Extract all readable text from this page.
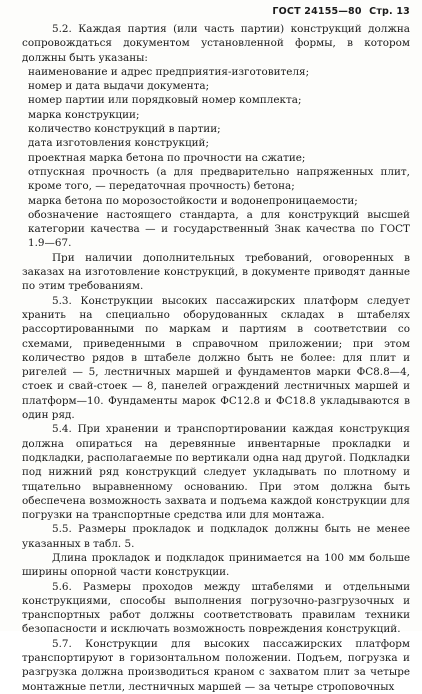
ГОСТ 24155—80 Стр. 13

5.2. Каждая партия (или часть партии) конструкций должна сопровождаться документом установленной формы, в котором должны быть указаны:

наименование и адрес предприятия-изготовителя;
номер и дата выдачи документа;
номер партии или порядковый номер комплекта;
марка конструкции;
количество конструкций в партии;
дата изготовления конструкций;
проектная марка бетона по прочности на сжатие;
отпускная прочность (а для предварительно напряженных плит, кроме того, — передаточная прочность) бетона;
марка бетона по морозостойкости и водонепроницаемости;
обозначение настоящего стандарта, а для конструкций высшей категории качества — и государственный Знак качества по ГОСТ 1.9—67.

При наличии дополнительных требований, оговоренных в заказах на изготовление конструкций, в документе приводят данные по этим требованиям.

5.3. Конструкции высоких пассажирских платформ следует хранить на специально оборудованных складах в штабелях рассортированными по маркам и партиям в соответствии со схемами, приведенными в справочном приложении; при этом количество рядов в штабеле должно быть не более: для плит и ригелей — 5, лестничных маршей и фундаментов марки ФС8.8—4, стоек и свай-стоек — 8, панелей ограждений лестничных маршей и платформ—10. Фундаменты марок ФС12.8 и ФС18.8 укладываются в один ряд.

5.4. При хранении и транспортировании каждая конструкция должна опираться на деревянные инвентарные прокладки и подкладки, располагаемые по вертикали одна над другой. Подкладки под нижний ряд конструкций следует укладывать по плотному и тщательно выравненному основанию. При этом должна быть обеспечена возможность захвата и подъема каждой конструкции для погрузки на транспортные средства или для монтажа.

5.5. Размеры прокладок и подкладок должны быть не менее указанных в табл. 5.

Длина прокладок и подкладок принимается на 100 мм больше ширины опорной части конструкции.

5.6. Размеры проходов между штабелями и отдельными конструкциями, способы выполнения погрузочно-разгрузочных и транспортных работ должны соответствовать правилам техники безопасности и исключать возможность повреждения конструкций.

5.7. Конструкции для высоких пассажирских платформ транспортируют в горизонтальном положении. Подъем, погрузка и разгрузка должна производиться краном с захватом плит за четыре монтажные петли, лестничных маршей — за четыре строповочных
